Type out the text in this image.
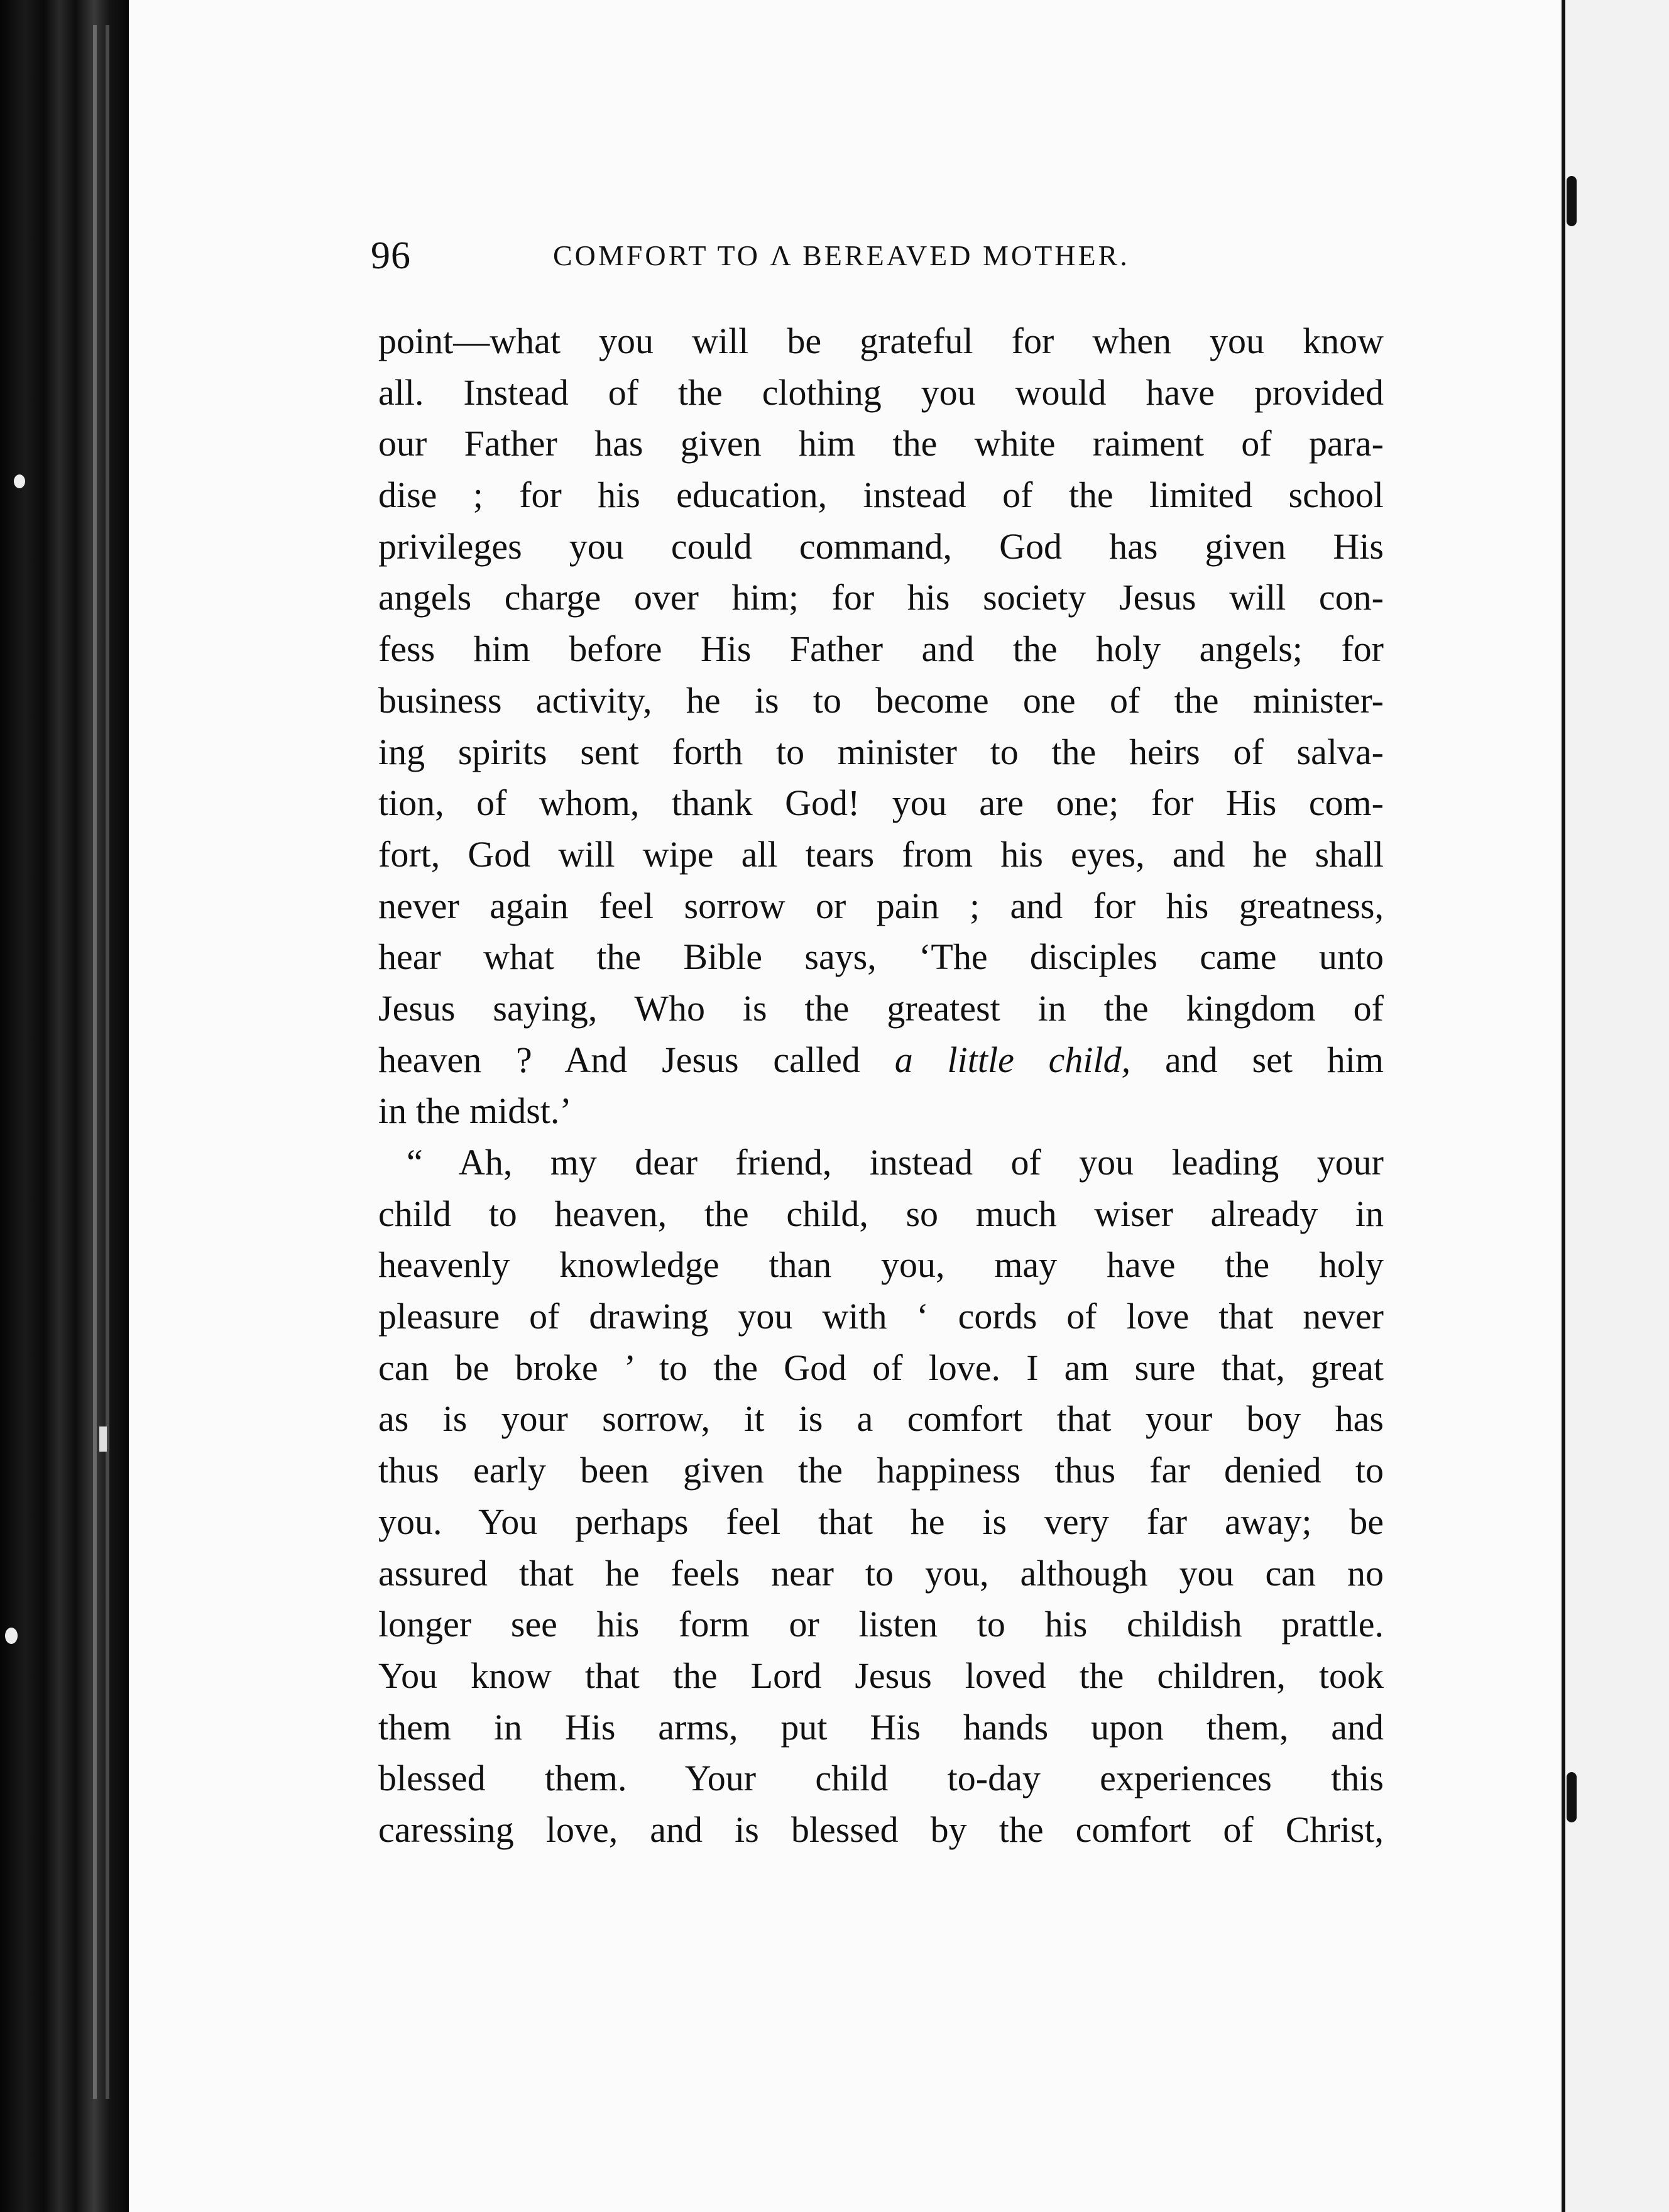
96	COMFORT TO Λ BEREAVED MOTHER.
point—what you will be grateful for when you know
all. Instead of the clothing you would have provided
our Father has given him the white raiment of para-
dise ; for his education, instead of the limited school
privileges you could command, God has given His
angels charge over him; for his society Jesus will con-
fess him before His Father and the holy angels; for
business activity, he is to become one of the minister-
ing spirits sent forth to minister to the heirs of salva-
tion, of whom, thank God! you are one; for His com-
fort, God will wipe all tears from his eyes, and he shall
never again feel sorrow or pain ; and for his greatness,
hear what the Bible says, ‘The disciples came unto
Jesus saying, Who is the greatest in the kingdom of
heaven ? And Jesus called a little child, and set him
in the midst.’
“ Ah, my dear friend, instead of you leading your
child to heaven, the child, so much wiser already in
heavenly knowledge than you, may have the holy
pleasure of drawing you with ‘ cords of love that never
can be broke ’ to the God of love. I am sure that, great
as is your sorrow, it is a comfort that your boy has
thus early been given the happiness thus far denied to
you. You perhaps feel that he is very far away; be
assured that he feels near to you, although you can no
longer see his form or listen to his childish prattle.
You know that the Lord Jesus loved the children, took
them in His arms, put His hands upon them, and
blessed them. Your child to-day experiences this
caressing love, and is blessed by the comfort of Christ,
